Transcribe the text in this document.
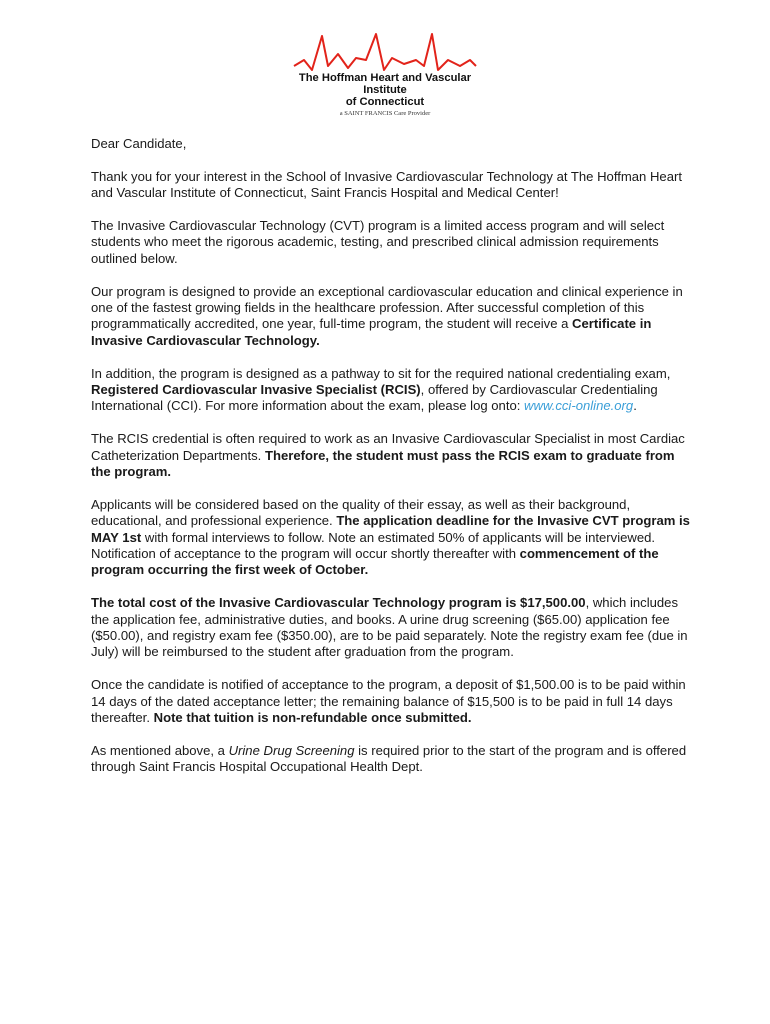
The Hoffman Heart and Vascular Institute
of Connecticut
a SAINT FRANCIS Care Provider

Dear Candidate,

Thank you for your interest in the School of Invasive Cardiovascular Technology at The Hoffman Heart and Vascular Institute of Connecticut, Saint Francis Hospital and Medical Center!

The Invasive Cardiovascular Technology (CVT) program is a limited access program and will select students who meet the rigorous academic, testing, and prescribed clinical admission requirements outlined below.

Our program is designed to provide an exceptional cardiovascular education and clinical experience in one of the fastest growing fields in the healthcare profession. After successful completion of this programmatically accredited, one year, full-time program, the student will receive a Certificate in Invasive Cardiovascular Technology.

In addition, the program is designed as a pathway to sit for the required national credentialing exam, Registered Cardiovascular Invasive Specialist (RCIS), offered by Cardiovascular Credentialing International (CCI). For more information about the exam, please log onto: www.cci-online.org.

The RCIS credential is often required to work as an Invasive Cardiovascular Specialist in most Cardiac Catheterization Departments. Therefore, the student must pass the RCIS exam to graduate from the program.

Applicants will be considered based on the quality of their essay, as well as their background, educational, and professional experience. The application deadline for the Invasive CVT program is MAY 1st with formal interviews to follow. Note an estimated 50% of applicants will be interviewed. Notification of acceptance to the program will occur shortly thereafter with commencement of the program occurring the first week of October.

The total cost of the Invasive Cardiovascular Technology program is $17,500.00, which includes the application fee, administrative duties, and books. A urine drug screening ($65.00) application fee ($50.00), and registry exam fee ($350.00), are to be paid separately. Note the registry exam fee (due in July) will be reimbursed to the student after graduation from the program.

Once the candidate is notified of acceptance to the program, a deposit of $1,500.00 is to be paid within 14 days of the dated acceptance letter; the remaining balance of $15,500 is to be paid in full 14 days thereafter. Note that tuition is non-refundable once submitted.

As mentioned above, a Urine Drug Screening is required prior to the start of the program and is offered through Saint Francis Hospital Occupational Health Dept.
